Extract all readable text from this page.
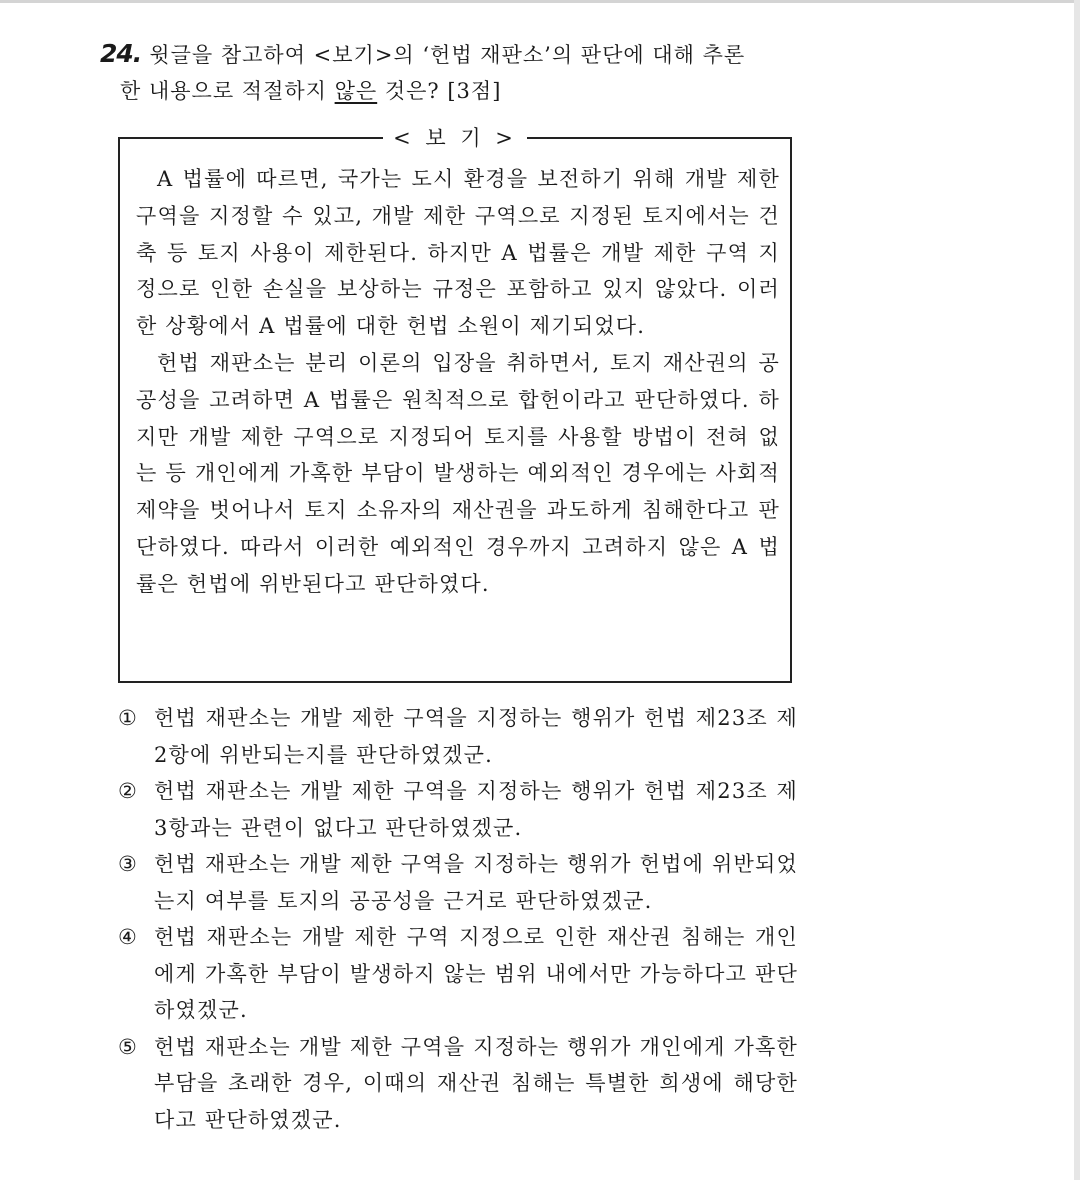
24. 윗글을 참고하여 <보기>의 ‘헌법 재판소’의 판단에 대해 추론
한 내용으로 적절하지 않은 것은? [3점]
< 보 기 >

A 법률에 따르면, 국가는 도시 환경을 보전하기 위해 개발 제한 구역을 지정할 수 있고, 개발 제한 구역으로 지정된 토지에서는 건축 등 토지 사용이 제한된다. 하지만 A 법률은 개발 제한 구역 지정으로 인한 손실을 보상하는 규정은 포함하고 있지 않았다. 이러한 상황에서 A 법률에 대한 헌법 소원이 제기되었다.

헌법 재판소는 분리 이론의 입장을 취하면서, 토지 재산권의 공공성을 고려하면 A 법률은 원칙적으로 합헌이라고 판단하였다. 하지만 개발 제한 구역으로 지정되어 토지를 사용할 방법이 전혀 없는 등 개인에게 가혹한 부담이 발생하는 예외적인 경우에는 사회적 제약을 벗어나서 토지 소유자의 재산권을 과도하게 침해한다고 판단하였다. 따라서 이러한 예외적인 경우까지 고려하지 않은 A 법률은 헌법에 위반된다고 판단하였다.

① 헌법 재판소는 개발 제한 구역을 지정하는 행위가 헌법 제23조 제2항에 위반되는지를 판단하였겠군.

② 헌법 재판소는 개발 제한 구역을 지정하는 행위가 헌법 제23조 제3항과는 관련이 없다고 판단하였겠군.

③ 헌법 재판소는 개발 제한 구역을 지정하는 행위가 헌법에 위반되었는지 여부를 토지의 공공성을 근거로 판단하였겠군.

④ 헌법 재판소는 개발 제한 구역 지정으로 인한 재산권 침해는 개인에게 가혹한 부담이 발생하지 않는 범위 내에서만 가능하다고 판단하였겠군.

⑤ 헌법 재판소는 개발 제한 구역을 지정하는 행위가 개인에게 가혹한 부담을 초래한 경우, 이때의 재산권 침해는 특별한 희생에 해당한다고 판단하였겠군.
